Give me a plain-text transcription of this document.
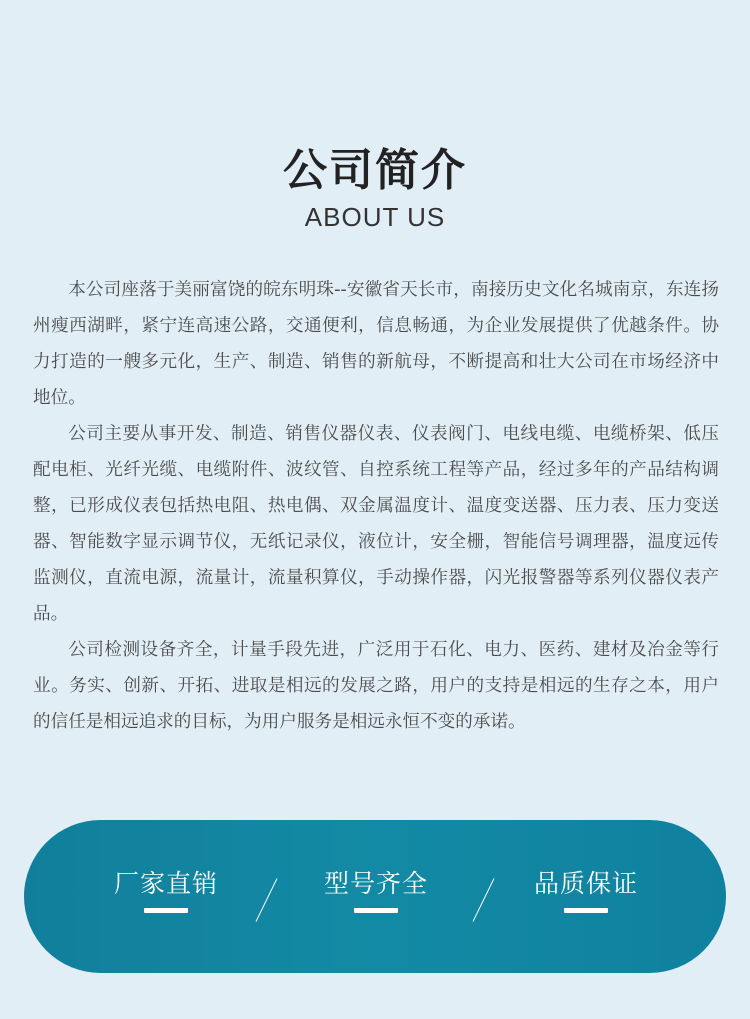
公司简介
ABOUT US

本公司座落于美丽富饶的皖东明珠--安徽省天长市，南接历史文化名城南京，东连扬州瘦西湖畔，紧宁连高速公路，交通便利，信息畅通，为企业发展提供了优越条件。协力打造的一艘多元化，生产、制造、销售的新航母，不断提高和壮大公司在市场经济中地位。

公司主要从事开发、制造、销售仪器仪表、仪表阀门、电线电缆、电缆桥架、低压配电柜、光纤光缆、电缆附件、波纹管、自控系统工程等产品，经过多年的产品结构调整，已形成仪表包括热电阻、热电偶、双金属温度计、温度变送器、压力表、压力变送器、智能数字显示调节仪，无纸记录仪，液位计，安全栅，智能信号调理器，温度远传监测仪，直流电源，流量计，流量积算仪，手动操作器，闪光报警器等系列仪器仪表产品。

公司检测设备齐全，计量手段先进，广泛用于石化、电力、医药、建材及冶金等行业。务实、创新、开拓、进取是相远的发展之路，用户的支持是相远的生存之本，用户的信任是相远追求的目标，为用户服务是相远永恒不变的承诺。

厂家直销	型号齐全	品质保证
